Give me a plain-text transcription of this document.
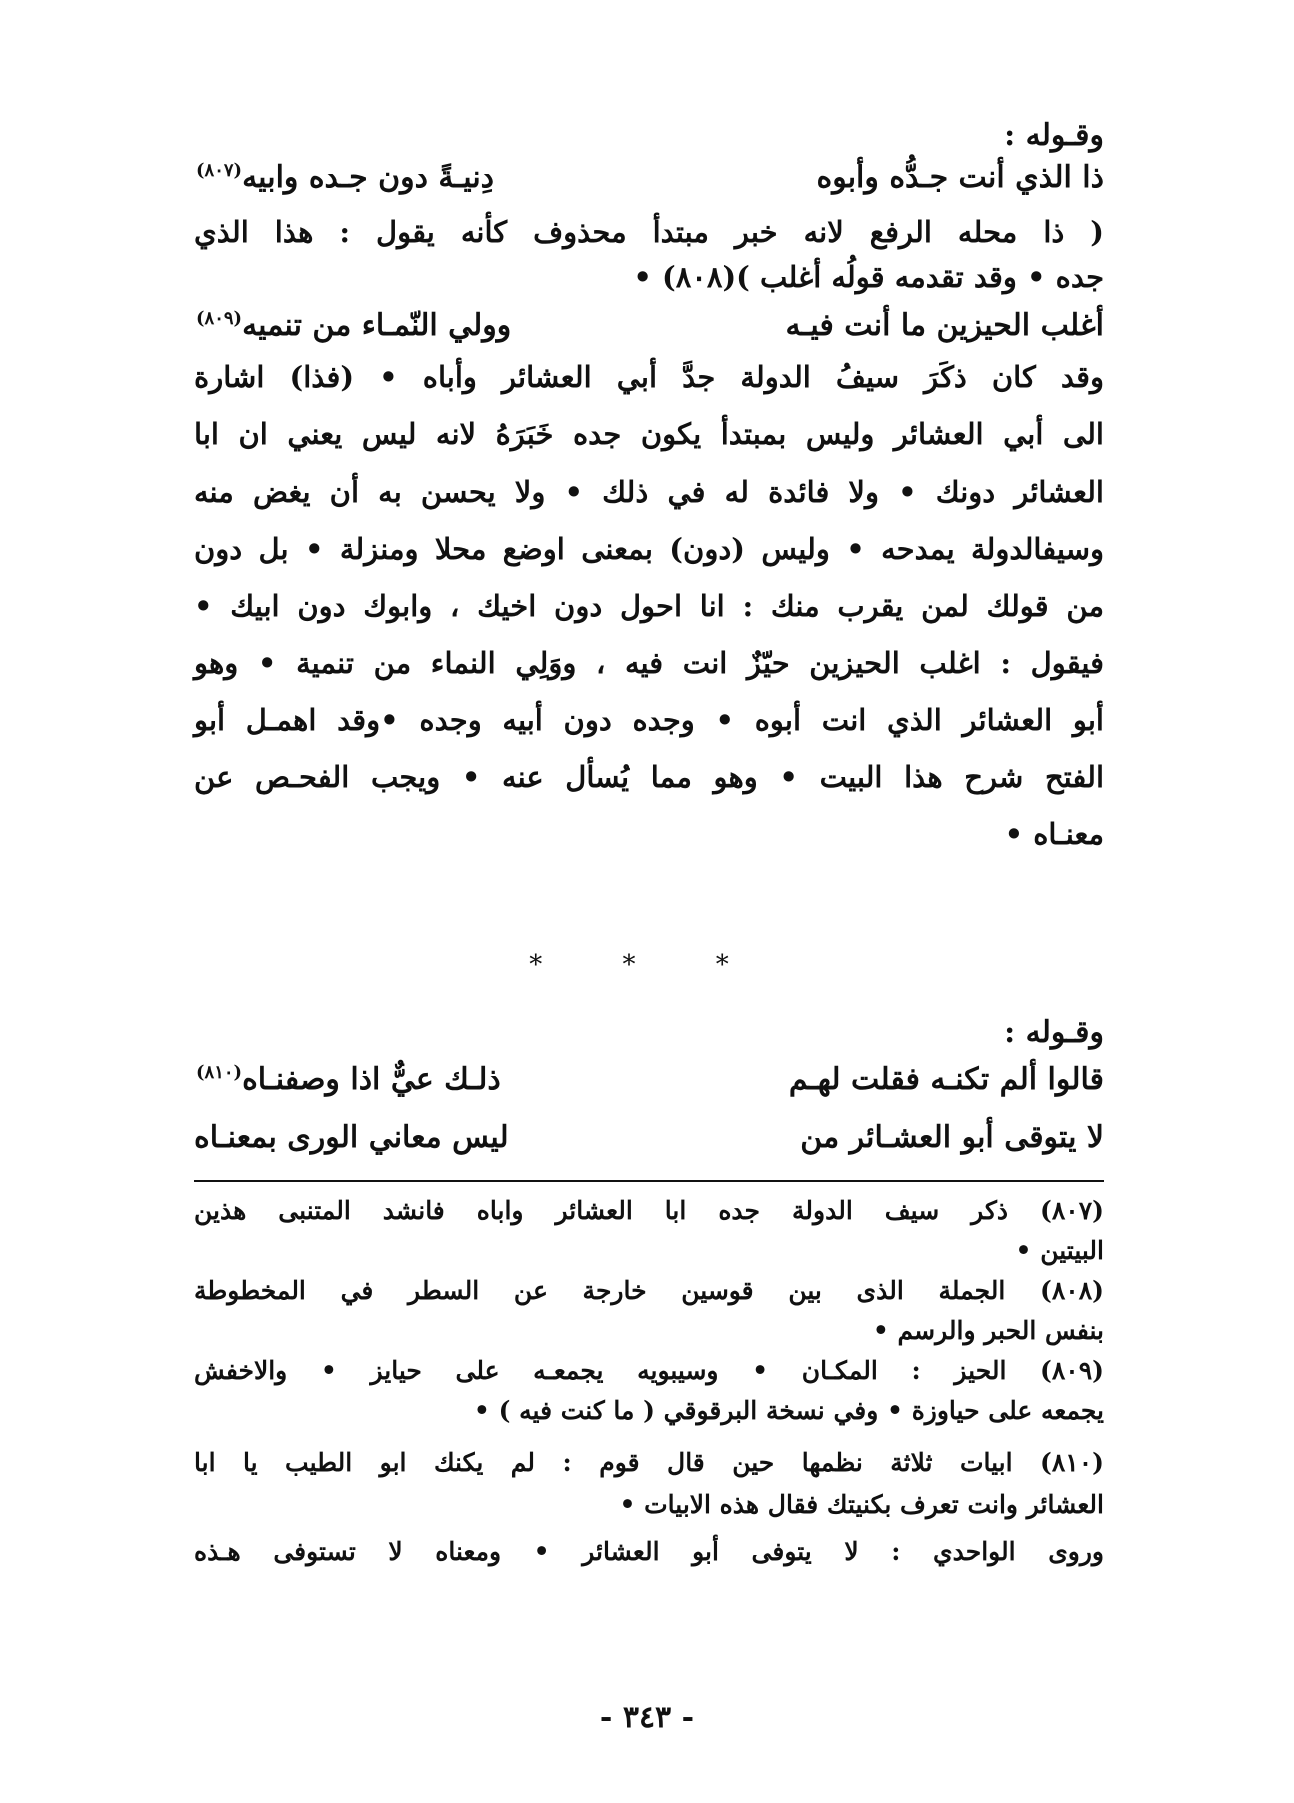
وقـوله :
ذا الذي أنت جـدُّه وأبوه
دِنيـةً دون جـده وابيه$^{(٨٠٧)}$
( ذا محله الرفع لانه خبر مبتدأ محذوف كأنه يقول : هذا الذي
جده • وقد تقدمه قولُه أغلب )(٨٠٨) •
أغلب الحيزين ما أنت فيـه
وولي النّمـاء من تنميه$^{(٨٠٩)}$
وقد كان ذكَرَ سيفُ الدولة جدَّ أبي العشائر وأباه • (فذا) اشارة
الى أبي العشائر وليس بمبتدأ يكون جده خَبَرَهُ لانه ليس يعني ان ابا
العشائر دونك • ولا فائدة له في ذلك • ولا يحسن به أن يغض منه
وسيفالدولة يمدحه • وليس (دون) بمعنى اوضع محلا ومنزلة • بل دون
من قولك لمن يقرب منك : انا احول دون اخيك ، وابوك دون ابيك •
فيقول : اغلب الحيزين حيّزٌ انت فيه ، ووَلِي النماء من تنمية • وهو
أبو العشائر الذي انت أبوه • وجده دون أبيه وجده •وقد اهمـل أبو
الفتح شرح هذا البيت • وهو مما يُسأل عنه • ويجب الفحـص عن
معنـاه •
* * *
وقـوله :
قالوا ألم تكنـه فقلت لهـم
ذلـك عيٌّ اذا وصفنـاه$^{(٨١٠)}$
لا يتوقى أبو العشـائر من
ليس معاني الورى بمعنـاه
(٨٠٧) ذكر سيف الدولة جده ابا العشائر واباه فانشد المتنبى هذين
البيتين •
(٨٠٨) الجملة الذى بين قوسين خارجة عن السطر في المخطوطة
بنفس الحبر والرسم •
(٨٠٩) الحيز : المكـان • وسيبويه يجمعـه على حيايز • والاخفش
يجمعه على حياوزة • وفي نسخة البرقوقي ( ما كنت فيه ) •
(٨١٠) ابيات ثلاثة نظمها حين قال قوم : لم يكنك ابو الطيب يا ابا
العشائر وانت تعرف بكنيتك فقال هذه الابيات •
وروى الواحدي : لا يتوفى أبو العشائر • ومعناه لا تستوفى هـذه
- ٣٤٣ -
